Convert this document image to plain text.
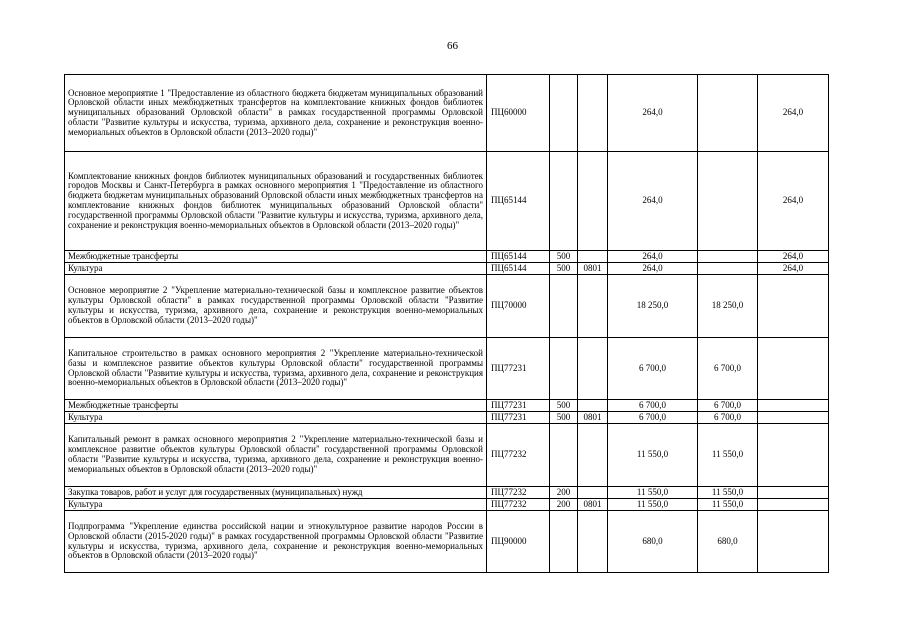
66
Основное мероприятие 1 "Предоставление из областного бюджета бюджетам муниципальных образований Орловской области иных межбюджетных трансфертов на комплектование книжных фондов библиотек муниципальных образований Орловской области" в рамках государственной программы Орловской области "Развитие культуры и искусства, туризма, архивного дела, сохранение и реконструкция военно-мемориальных объектов в Орловской области (2013–2020 годы)"	ПЦ60000			264,0		264,0
Комплектование книжных фондов библиотек муниципальных образований и государственных библиотек городов Москвы и Санкт-Петербурга в рамках основного мероприятия 1 "Предоставление из областного бюджета бюджетам муниципальных образований Орловской области иных межбюджетных трансфертов на комплектование книжных фондов библиотек муниципальных образований Орловской области" государственной программы Орловской области "Развитие культуры и искусства, туризма, архивного дела, сохранение и реконструкция военно-мемориальных объектов в Орловской области (2013–2020 годы)"	ПЦ65144			264,0		264,0
Межбюджетные трансферты	ПЦ65144	500		264,0		264,0
Культура	ПЦ65144	500	0801	264,0		264,0
Основное мероприятие 2 "Укрепление материально-технической базы и комплексное развитие объектов культуры Орловской области" в рамках государственной программы Орловской области "Развитие культуры и искусства, туризма, архивного дела, сохранение и реконструкция военно-мемориальных объектов в Орловской области (2013–2020 годы)"	ПЦ70000			18 250,0	18 250,0	
Капитальное строительство в рамках основного мероприятия 2 "Укрепление материально-технической базы и комплексное развитие объектов культуры Орловской области" государственной программы Орловской области "Развитие культуры и искусства, туризма, архивного дела, сохранение и реконструкция военно-мемориальных объектов в Орловской области (2013–2020 годы)"	ПЦ77231			6 700,0	6 700,0	
Межбюджетные трансферты	ПЦ77231	500		6 700,0	6 700,0	
Культура	ПЦ77231	500	0801	6 700,0	6 700,0	
Капитальный ремонт в рамках основного мероприятия 2 "Укрепление материально-технической базы и комплексное развитие объектов культуры Орловской области" государственной программы Орловской области "Развитие культуры и искусства, туризма, архивного дела, сохранение и реконструкция военно-мемориальных объектов в Орловской области (2013–2020 годы)"	ПЦ77232			11 550,0	11 550,0	
Закупка товаров, работ и услуг для государственных (муниципальных) нужд	ПЦ77232	200		11 550,0	11 550,0	
Культура	ПЦ77232	200	0801	11 550,0	11 550,0	
Подпрограмма "Укрепление единства российской нации и этнокультурное развитие народов России в Орловской области (2015-2020 годы)" в рамках государственной программы Орловской области "Развитие культуры и искусства, туризма, архивного дела, сохранение и реконструкция военно-мемориальных объектов в Орловской области (2013–2020 годы)"	ПЦ90000			680,0	680,0	
